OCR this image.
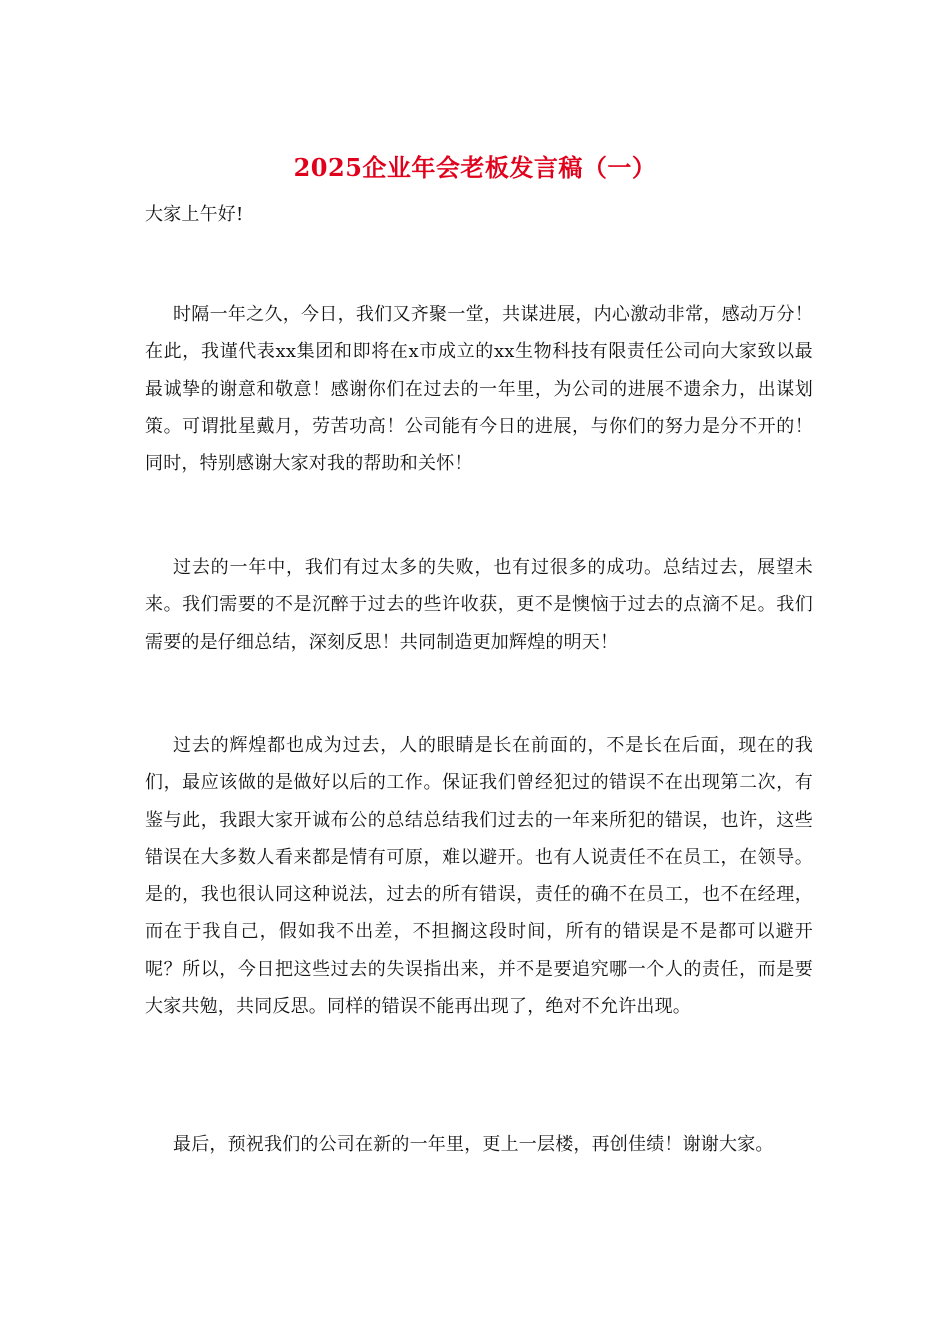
2025企业年会老板发言稿（一）
大家上午好!
时隔一年之久，今日，我们又齐聚一堂，共谋进展，内心激动非常，感动万分！在此，我谨代表xx集团和即将在x市成立的xx生物科技有限责任公司向大家致以最最诚挚的谢意和敬意！感谢你们在过去的一年里，为公司的进展不遗余力，出谋划策。可谓批星戴月，劳苦功高！公司能有今日的进展，与你们的努力是分不开的！同时，特别感谢大家对我的帮助和关怀！
过去的一年中，我们有过太多的失败，也有过很多的成功。总结过去，展望未来。我们需要的不是沉醉于过去的些许收获，更不是懊恼于过去的点滴不足。我们需要的是仔细总结，深刻反思！共同制造更加辉煌的明天！
过去的辉煌都也成为过去，人的眼睛是长在前面的，不是长在后面，现在的我们，最应该做的是做好以后的工作。保证我们曾经犯过的错误不在出现第二次，有鉴与此，我跟大家开诚布公的总结总结我们过去的一年来所犯的错误，也许，这些错误在大多数人看来都是情有可原，难以避开。也有人说责任不在员工，在领导。是的，我也很认同这种说法，过去的所有错误，责任的确不在员工，也不在经理，而在于我自己，假如我不出差，不担搁这段时间，所有的错误是不是都可以避开呢？所以，今日把这些过去的失误指出来，并不是要追究哪一个人的责任，而是要大家共勉，共同反思。同样的错误不能再出现了，绝对不允许出现。
最后，预祝我们的公司在新的一年里，更上一层楼，再创佳绩！谢谢大家。
